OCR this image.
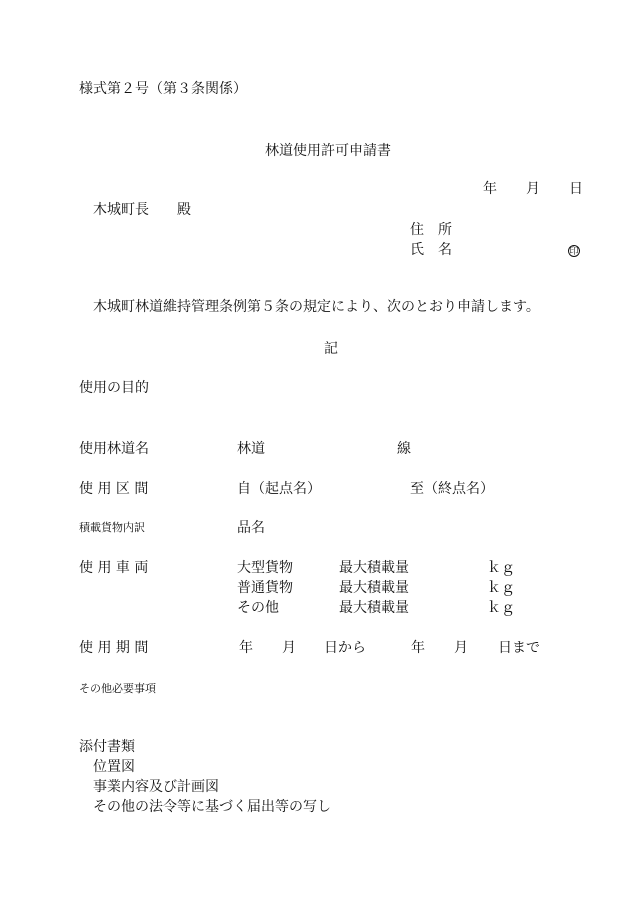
様式第２号（第３条関係）
林道使用許可申請書
年 月 日
木城町長 殿
住　所
氏　名	印
木城町林道維持管理条例第５条の規定により、次のとおり申請します。
記
使用の目的
使用林道名	林道	線
使 用 区 間	自（起点名）	至（終点名）
積載貨物内訳	品名
使 用 車 両	大型貨物	最大積載量	ｋｇ
普通貨物	最大積載量	ｋｇ
その他	最大積載量	ｋｇ
使 用 期 間	年 月 日から	年 月 日まで
その他必要事項
添付書類
位置図
事業内容及び計画図
その他の法令等に基づく届出等の写し
